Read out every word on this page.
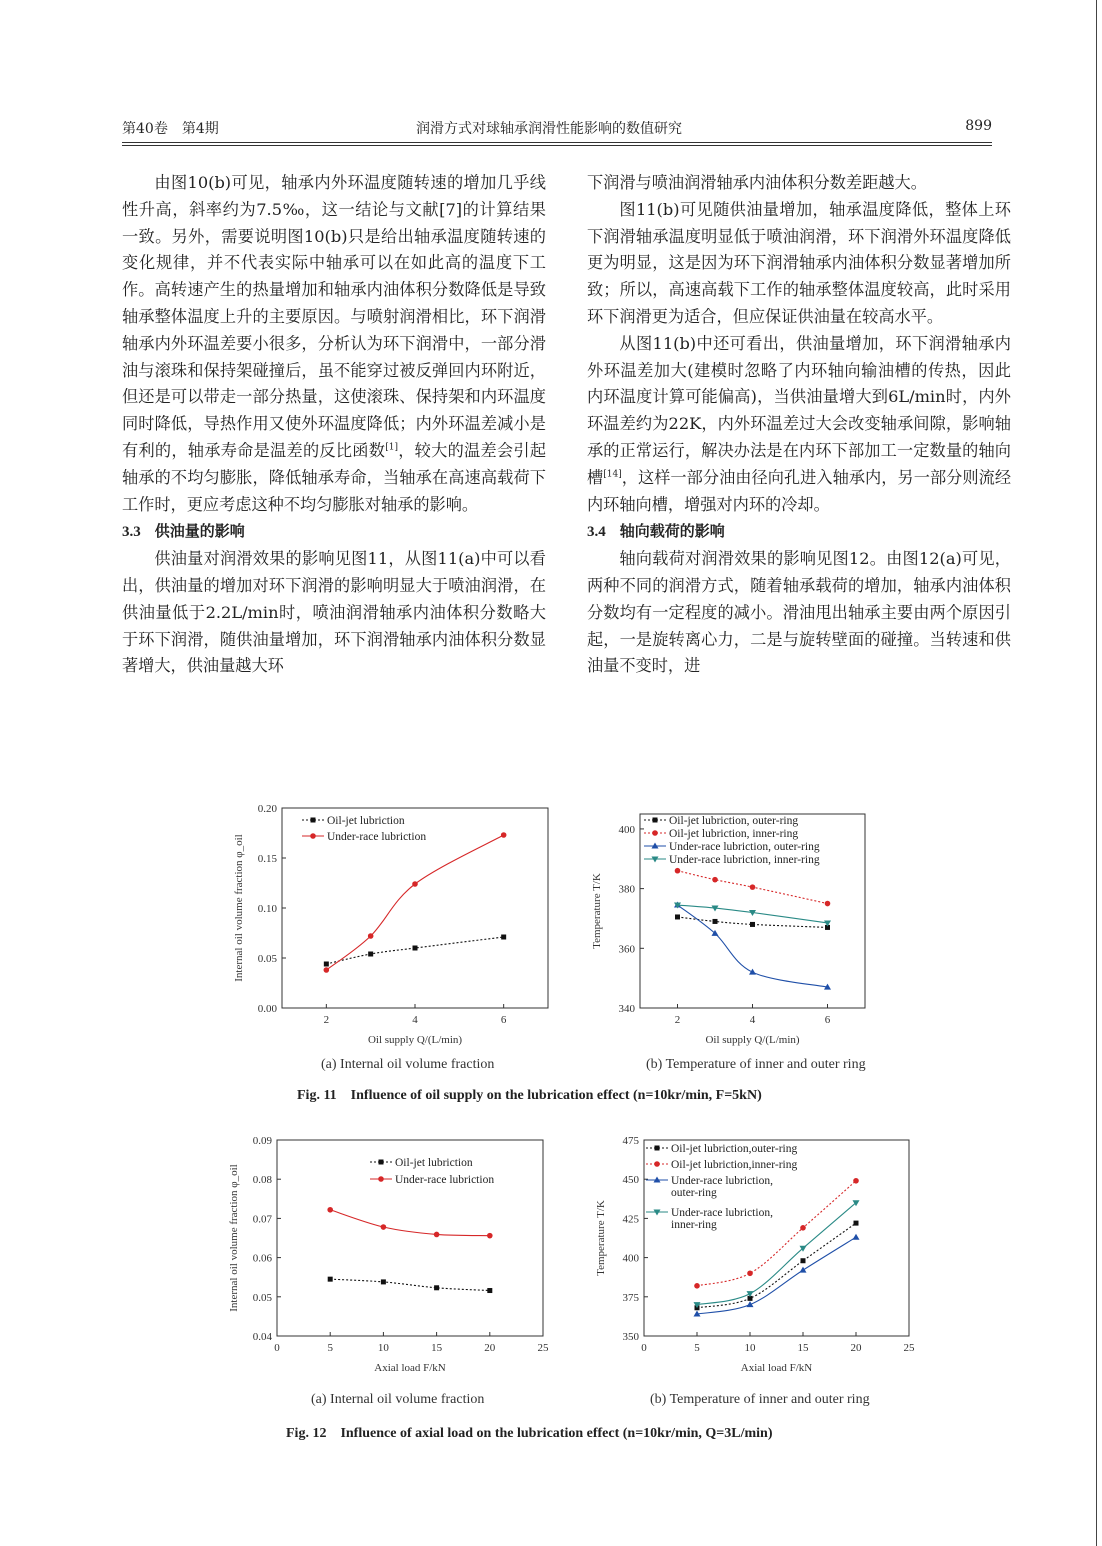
第40卷　第4期	润滑方式对球轴承润滑性能影响的数值研究	899

由图10(b)可见，轴承内外环温度随转速的增加几乎线性升高，斜率约为7.5‰，这一结论与文献[7]的计算结果一致。另外，需要说明图10(b)只是给出轴承温度随转速的变化规律，并不代表实际中轴承可以在如此高的温度下工作。高转速产生的热量增加和轴承内油体积分数降低是导致轴承整体温度上升的主要原因。与喷射润滑相比，环下润滑轴承内外环温差要小很多，分析认为环下润滑中，一部分滑油与滚珠和保持架碰撞后，虽不能穿过被反弹回内环附近，但还是可以带走一部分热量，这使滚珠、保持架和内环温度同时降低，导热作用又使外环温度降低；内外环温差减小是有利的，轴承寿命是温差的反比函数[1]，较大的温差会引起轴承的不均匀膨胀，降低轴承寿命，当轴承在高速高载荷下工作时，更应考虑这种不均匀膨胀对轴承的影响。

3.3 供油量的影响

供油量对润滑效果的影响见图11，从图11(a)中可以看出，供油量的增加对环下润滑的影响明显大于喷油润滑，在供油量低于2.2L/min时，喷油润滑轴承内油体积分数略大于环下润滑，随供油量增加，环下润滑轴承内油体积分数显著增大，供油量越大环

下润滑与喷油润滑轴承内油体积分数差距越大。

图11(b)可见随供油量增加，轴承温度降低，整体上环下润滑轴承温度明显低于喷油润滑，环下润滑外环温度降低更为明显，这是因为环下润滑轴承内油体积分数显著增加所致；所以，高速高载下工作的轴承整体温度较高，此时采用环下润滑更为适合，但应保证供油量在较高水平。

从图11(b)中还可看出，供油量增加，环下润滑轴承内外环温差加大(建模时忽略了内环轴向输油槽的传热，因此内环温度计算可能偏高)，当供油量增大到6L/min时，内外环温差约为22K，内外环温差过大会改变轴承间隙，影响轴承的正常运行，解决办法是在内环下部加工一定数量的轴向槽[14]，这样一部分油由径向孔进入轴承内，另一部分则流经内环轴向槽，增强对内环的冷却。

3.4 轴向载荷的影响

轴向载荷对润滑效果的影响见图12。由图12(a)可见，两种不同的润滑方式，随着轴承载荷的增加，轴承内油体积分数均有一定程度的减小。滑油甩出轴承主要由两个原因引起，一是旋转离心力，二是与旋转壁面的碰撞。当转速和供油量不变时，进

0.00
0.05
0.10
0.15
0.20
2	4	6
Oil supply Q/(L/min)
Internal oil volume fraction φ_oil
Oil-jet lubriction
Under-race lubriction
340
360
380
400
2	4	6
Oil supply Q/(L/min)
Temperature T/K
Oil-jet lubriction, outer-ring
Oil-jet lubriction, inner-ring
Under-race lubriction, outer-ring
Under-race lubriction, inner-ring
(a) Internal oil volume fraction	(b) Temperature of inner and outer ring
Fig. 11　Influence of oil supply on the lubrication effect (n=10kr/min, F=5kN)
0.04
0.05
0.06
0.07
0.08
0.09
0	5	10	15	20	25
Axial load F/kN
Internal oil volume fraction φ_oil
Oil-jet lubriction
Under-race lubriction
350
375
400
425
450
475
0	5	10	15	20	25
Axial load F/kN
Temperature T/K
Oil-jet lubriction,outer-ring
Oil-jet lubriction,inner-ring
Under-race lubriction,
outer-ring
Under-race lubriction,
inner-ring
(a) Internal oil volume fraction	(b) Temperature of inner and outer ring
Fig. 12　Influence of axial load on the lubrication effect (n=10kr/min, Q=3L/min)
